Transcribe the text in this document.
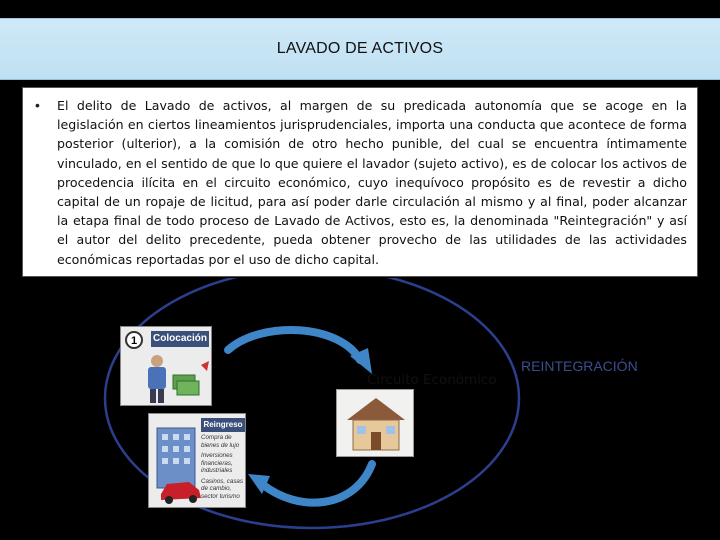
LAVADO DE ACTIVOS
• El delito de Lavado de activos, al margen de su predicada autonomía que se acoge en la legislación en ciertos lineamientos jurisprudenciales, importa una conducta que acontece de forma posterior (ulterior), a la comisión de otro hecho punible, del cual se encuentra íntimamente vinculado, en el sentido de que lo que quiere el lavador (sujeto activo), es de colocar los activos de procedencia ilícita en el circuito económico, cuyo inequívoco propósito es de revestir a dicho capital de un ropaje de licitud, para así poder darle circulación al mismo y al final, poder alcanzar la etapa final de todo proceso de Lavado de Activos, esto es, la denominada "Reintegración" y así el autor del delito precedente, pueda obtener provecho de las utilidades de las actividades económicas reportadas por el uso de dicho capital.

1	Colocación
Reingreso
Compra de bienes de lujo
Inversiones financieras, industriales
Casinos, casas de cambio, sector turismo
Circuito Económico
REINTEGRACIÓN
